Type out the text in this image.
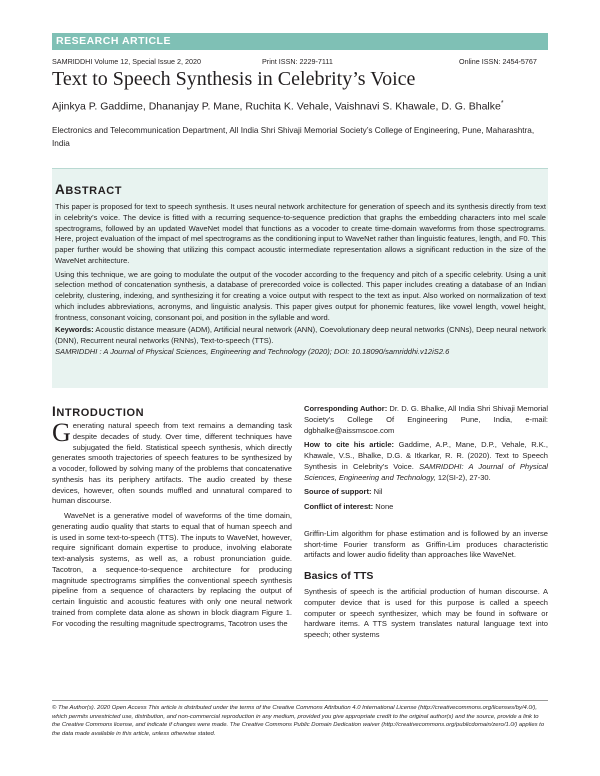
RESEARCH ARTICLE
SAMRIDDHI Volume 12, Special Issue 2, 2020	Print ISSN: 2229-7111	Online ISSN: 2454-5767
Text to Speech Synthesis in Celebrity’s Voice
Ajinkya P. Gaddime, Dhananjay P. Mane, Ruchita K. Vehale, Vaishnavi S. Khawale, D. G. Bhalke*
Electronics and Telecommunication Department, All India Shri Shivaji Memorial Society’s College of Engineering, Pune, Maharashtra, India
ABSTRACT
This paper is proposed for text to speech synthesis. It uses neural network architecture for generation of speech and its synthesis directly from text in celebrity’s voice. The device is fitted with a recurring sequence-to-sequence prediction that graphs the embedding characters into mel scale spectrograms, followed by an updated WaveNet model that functions as a vocoder to create time-domain waveforms from those spectrograms. Here, project evaluation of the impact of mel spectrograms as the conditioning input to WaveNet rather than linguistic features, length, and F0. This paper further would be showing that utilizing this compact acoustic intermediate representation allows a significant reduction in the size of the WaveNet architecture.
Using this technique, we are going to modulate the output of the vocoder according to the frequency and pitch of a specific celebrity. Using a unit selection method of concatenation synthesis, a database of prerecorded voice is collected. This paper includes creating a database of an Indian celebrity, clustering, indexing, and synthesizing it for creating a voice output with respect to the text as input. Also worked on normalization of text which includes abbreviations, acronyms, and linguistic analysis. This paper gives output for phonemic features, like vowel length, vowel height, frontness, consonant voicing, consonant poi, and position in the syllable and word.
Keywords: Acoustic distance measure (ADM), Artificial neural network (ANN), Coevolutionary deep neural networks (CNNs), Deep neural network (DNN), Recurrent neural networks (RNNs), Text-to-speech (TTS).
SAMRIDDHI : A Journal of Physical Sciences, Engineering and Technology (2020); DOI: 10.18090/samriddhi.v12iS2.6
INTRODUCTION
Generating natural speech from text remains a demanding task despite decades of study. Over time, different techniques have subjugated the field. Statistical speech synthesis, which directly generates smooth trajectories of speech features to be synthesized by a vocoder, followed by solving many of the problems that concatenative synthesis has its periphery artifacts. The audio created by these devices, however, often sounds muffled and unnatural compared to human discourse.
WaveNet is a generative model of waveforms of the time domain, generating audio quality that starts to equal that of human speech and is used in some text-to-speech (TTS). The inputs to WaveNet, however, require significant domain expertise to produce, involving elaborate text-analysis systems, as well as, a robust pronunciation guide. Tacotron, a sequence-to-sequence architecture for producing magnitude spectrograms simplifies the conventional speech synthesis pipeline from a sequence of characters by replacing the output of certain linguistic and acoustic features with only one neural network trained from complete data alone as shown in block diagram Figure 1. For vocoding the resulting magnitude spectrograms, Tacotron uses the
Corresponding Author: Dr. D. G. Bhalke, All India Shri Shivaji Memorial Society’s College Of Engineering Pune, India, e-mail: dgbhalke@aissmscoe.com
How to cite his article: Gaddime, A.P., Mane, D.P., Vehale, R.K., Khawale, V.S., Bhalke, D.G. & Itkarkar, R. R. (2020). Text to Speech Synthesis in Celebrity’s Voice. SAMRIDDHI: A Journal of Physical Sciences, Engineering and Technology, 12(SI-2), 27-30.
Source of support: Nil
Conflict of interest: None
Griffin-Lim algorithm for phase estimation and is followed by an inverse short-time Fourier transform as Griffin-Lim produces characteristic artifacts and lower audio fidelity than approaches like WaveNet.
Basics of TTS
Synthesis of speech is the artificial production of human discourse. A computer device that is used for this purpose is called a speech computer or speech synthesizer, which may be found in software or hardware items. A TTS system translates natural language text into speech; other systems
© The Author(s). 2020 Open Access This article is distributed under the terms of the Creative Commons Attribution 4.0 International License (http://creativecommons.org/licenses/by/4.0/), which permits unrestricted use, distribution, and non-commercial reproduction in any medium, provided you give appropriate credit to the original author(s) and the source, provide a link to the Creative Commons license, and indicate if changes were made. The Creative Commons Public Domain Dedication waiver (http://creativecommons.org/publicdomain/zero/1.0/) applies to the data made available in this article, unless otherwise stated.
